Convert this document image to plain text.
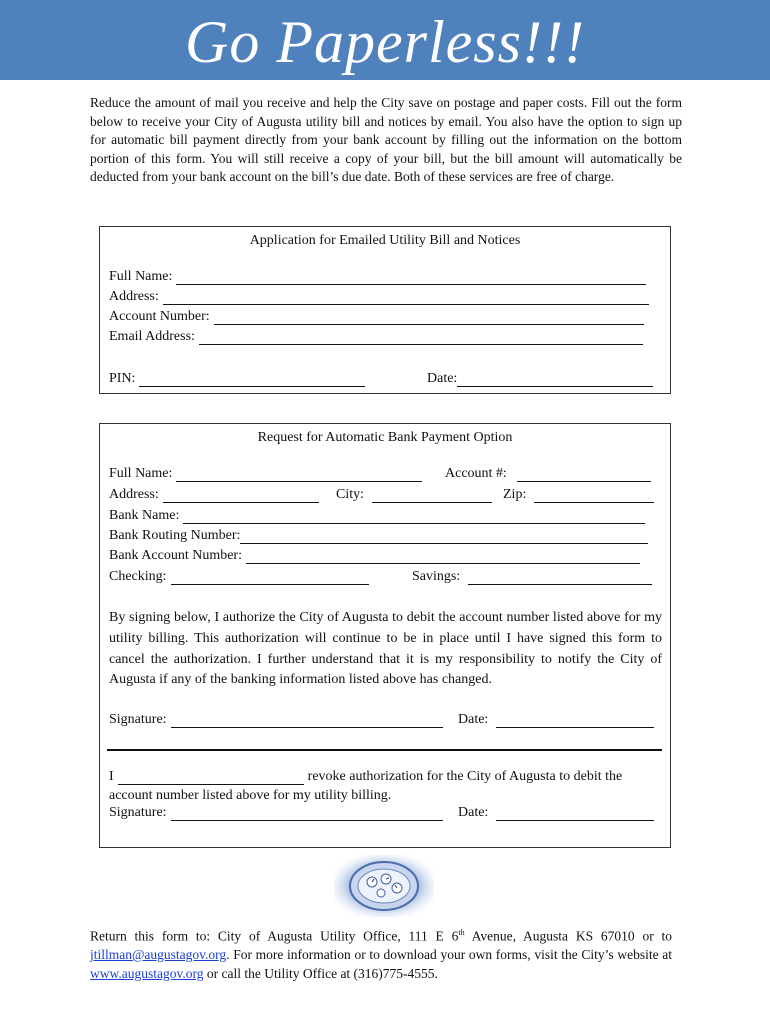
Go Paperless!!!
Reduce the amount of mail you receive and help the City save on postage and paper costs. Fill out the form below to receive your City of Augusta utility bill and notices by email. You also have the option to sign up for automatic bill payment directly from your bank account by filling out the information on the bottom portion of this form. You will still receive a copy of your bill, but the bill amount will automatically be deducted from your bank account on the bill’s due date. Both of these services are free of charge.
Application for Emailed Utility Bill and Notices
Full Name:
Address:
Account Number:
Email Address:
PIN:	Date:
Request for Automatic Bank Payment Option
Full Name:	Account #:
Address:	City:	Zip:
Bank Name:
Bank Routing Number:
Bank Account Number:
Checking:	Savings:
By signing below, I authorize the City of Augusta to debit the account number listed above for my utility billing. This authorization will continue to be in place until I have signed this form to cancel the authorization. I further understand that it is my responsibility to notify the City of Augusta if any of the banking information listed above has changed.
Signature:	Date:
I	revoke authorization for the City of Augusta to debit the
account number listed above for my utility billing.
Signature:	Date:
Return this form to: City of Augusta Utility Office, 111 E 6th Avenue, Augusta KS 67010 or to jtillman@augustagov.org. For more information or to download your own forms, visit the City’s website at www.augustagov.org or call the Utility Office at (316)775-4555.
